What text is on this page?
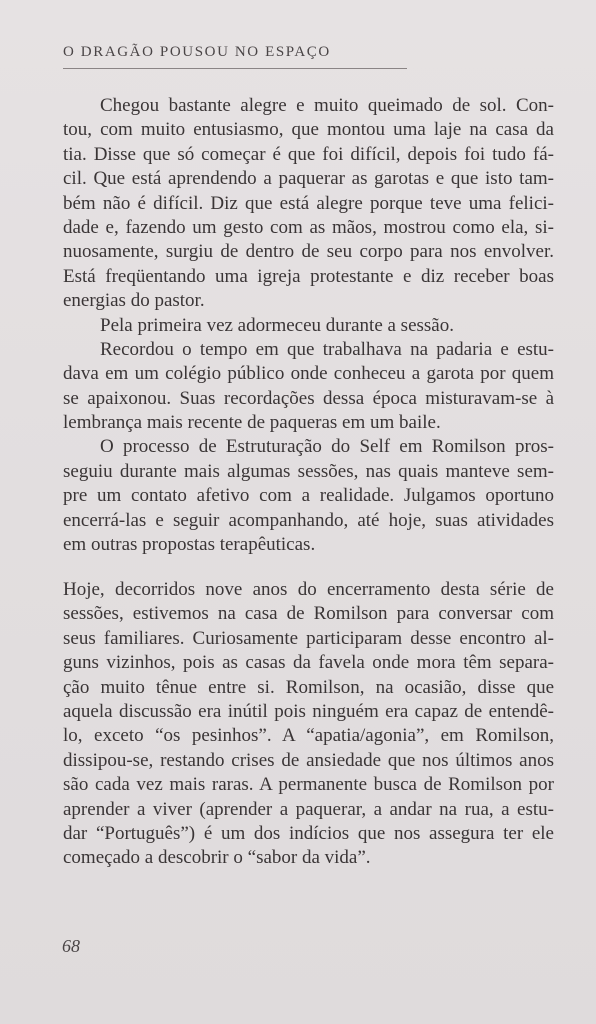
O DRAGÃO POUSOU NO ESPAÇO
Chegou bastante alegre e muito queimado de sol. Con-
tou, com muito entusiasmo, que montou uma laje na casa da
tia. Disse que só começar é que foi difícil, depois foi tudo fá-
cil. Que está aprendendo a paquerar as garotas e que isto tam-
bém não é difícil. Diz que está alegre porque teve uma felici-
dade e, fazendo um gesto com as mãos, mostrou como ela, si-
nuosamente, surgiu de dentro de seu corpo para nos envolver.
Está freqüentando uma igreja protestante e diz receber boas
energias do pastor.
Pela primeira vez adormeceu durante a sessão.
Recordou o tempo em que trabalhava na padaria e estu-
dava em um colégio público onde conheceu a garota por quem
se apaixonou. Suas recordações dessa época misturavam-se à
lembrança mais recente de paqueras em um baile.
O processo de Estruturação do Self em Romilson pros-
seguiu durante mais algumas sessões, nas quais manteve sem-
pre um contato afetivo com a realidade. Julgamos oportuno
encerrá-las e seguir acompanhando, até hoje, suas atividades
em outras propostas terapêuticas.
Hoje, decorridos nove anos do encerramento desta série de
sessões, estivemos na casa de Romilson para conversar com
seus familiares. Curiosamente participaram desse encontro al-
guns vizinhos, pois as casas da favela onde mora têm separa-
ção muito tênue entre si. Romilson, na ocasião, disse que
aquela discussão era inútil pois ninguém era capaz de entendê-
lo, exceto “os pesinhos”. A “apatia/agonia”, em Romilson,
dissipou-se, restando crises de ansiedade que nos últimos anos
são cada vez mais raras. A permanente busca de Romilson por
aprender a viver (aprender a paquerar, a andar na rua, a estu-
dar “Português”) é um dos indícios que nos assegura ter ele
começado a descobrir o “sabor da vida”.
68
